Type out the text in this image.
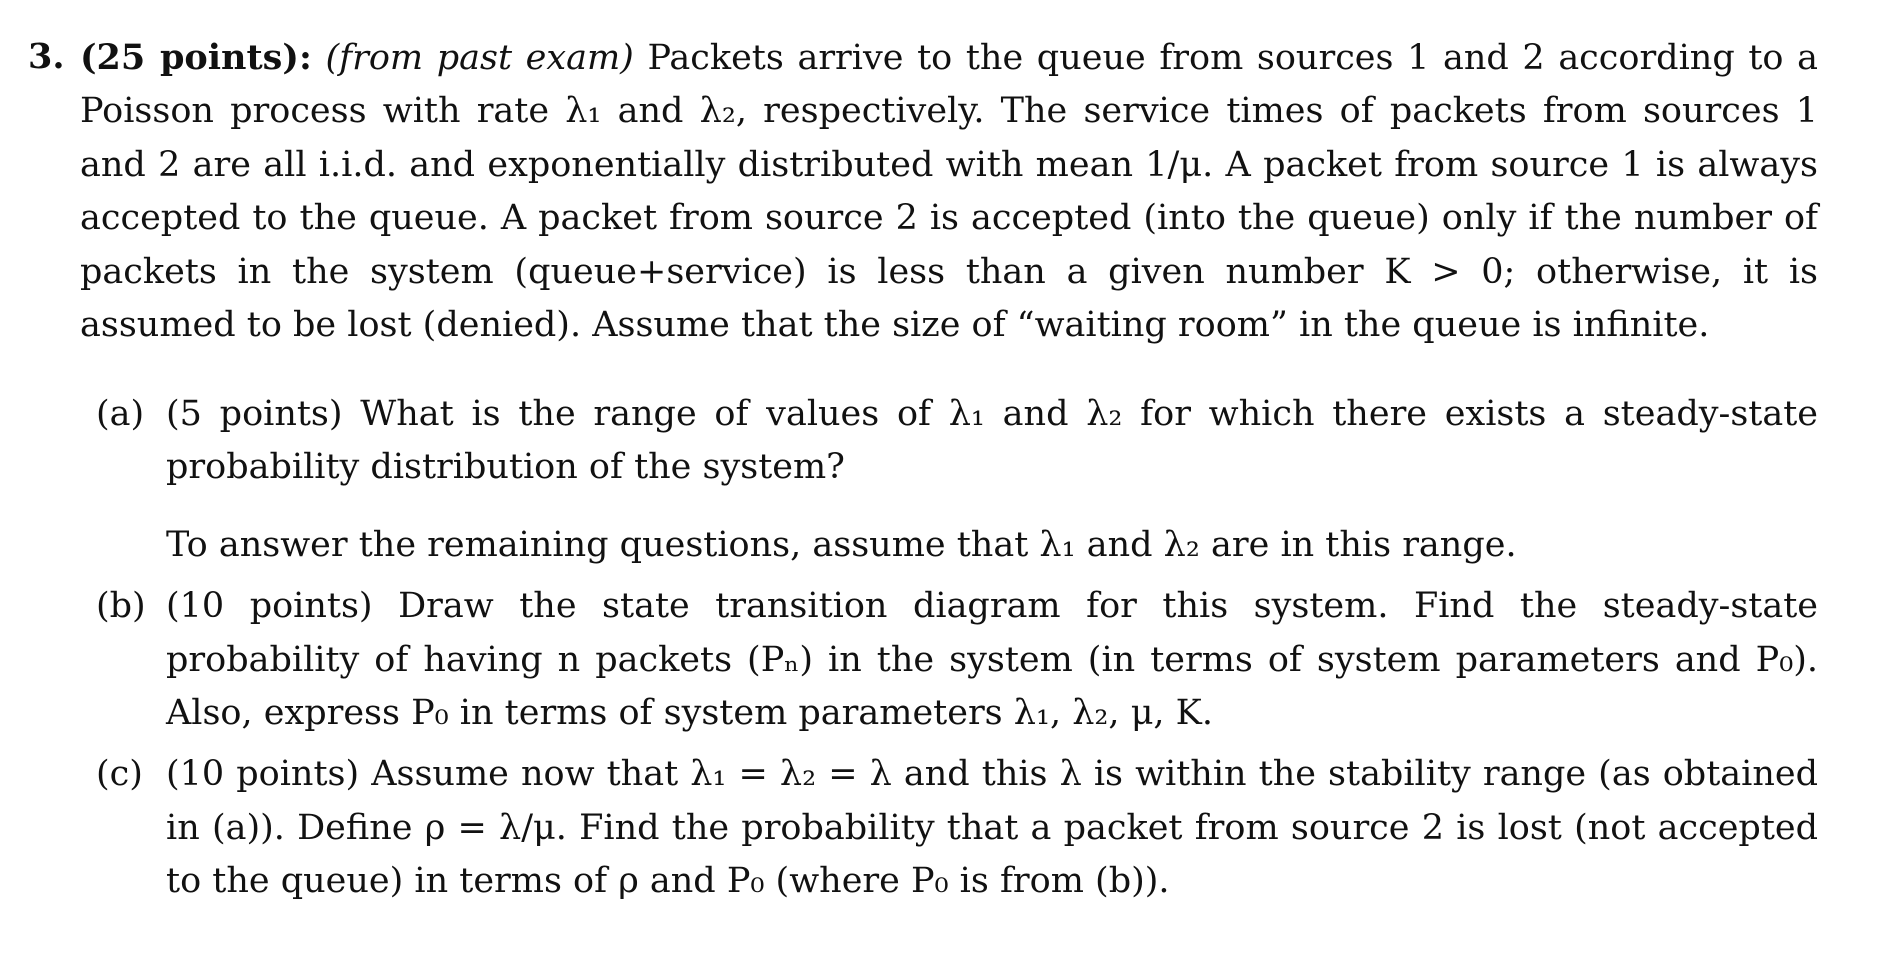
3. (25 points): (from past exam) Packets arrive to the queue from sources 1 and 2 according to a Poisson process with rate λ₁ and λ₂, respectively. The service times of packets from sources 1 and 2 are all i.i.d. and exponentially distributed with mean 1/μ. A packet from source 1 is always accepted to the queue. A packet from source 2 is accepted (into the queue) only if the number of packets in the system (queue+service) is less than a given number K > 0; otherwise, it is assumed to be lost (denied). Assume that the size of “waiting room” in the queue is infinite.
(a) (5 points) What is the range of values of λ₁ and λ₂ for which there exists a steady-state probability distribution of the system?
To answer the remaining questions, assume that λ₁ and λ₂ are in this range.
(b) (10 points) Draw the state transition diagram for this system. Find the steady-state probability of having n packets (Pₙ) in the system (in terms of system parameters and P₀). Also, express P₀ in terms of system parameters λ₁, λ₂, μ, K.
(c) (10 points) Assume now that λ₁ = λ₂ = λ and this λ is within the stability range (as obtained in (a)). Define ρ = λ/μ. Find the probability that a packet from source 2 is lost (not accepted to the queue) in terms of ρ and P₀ (where P₀ is from (b)).
